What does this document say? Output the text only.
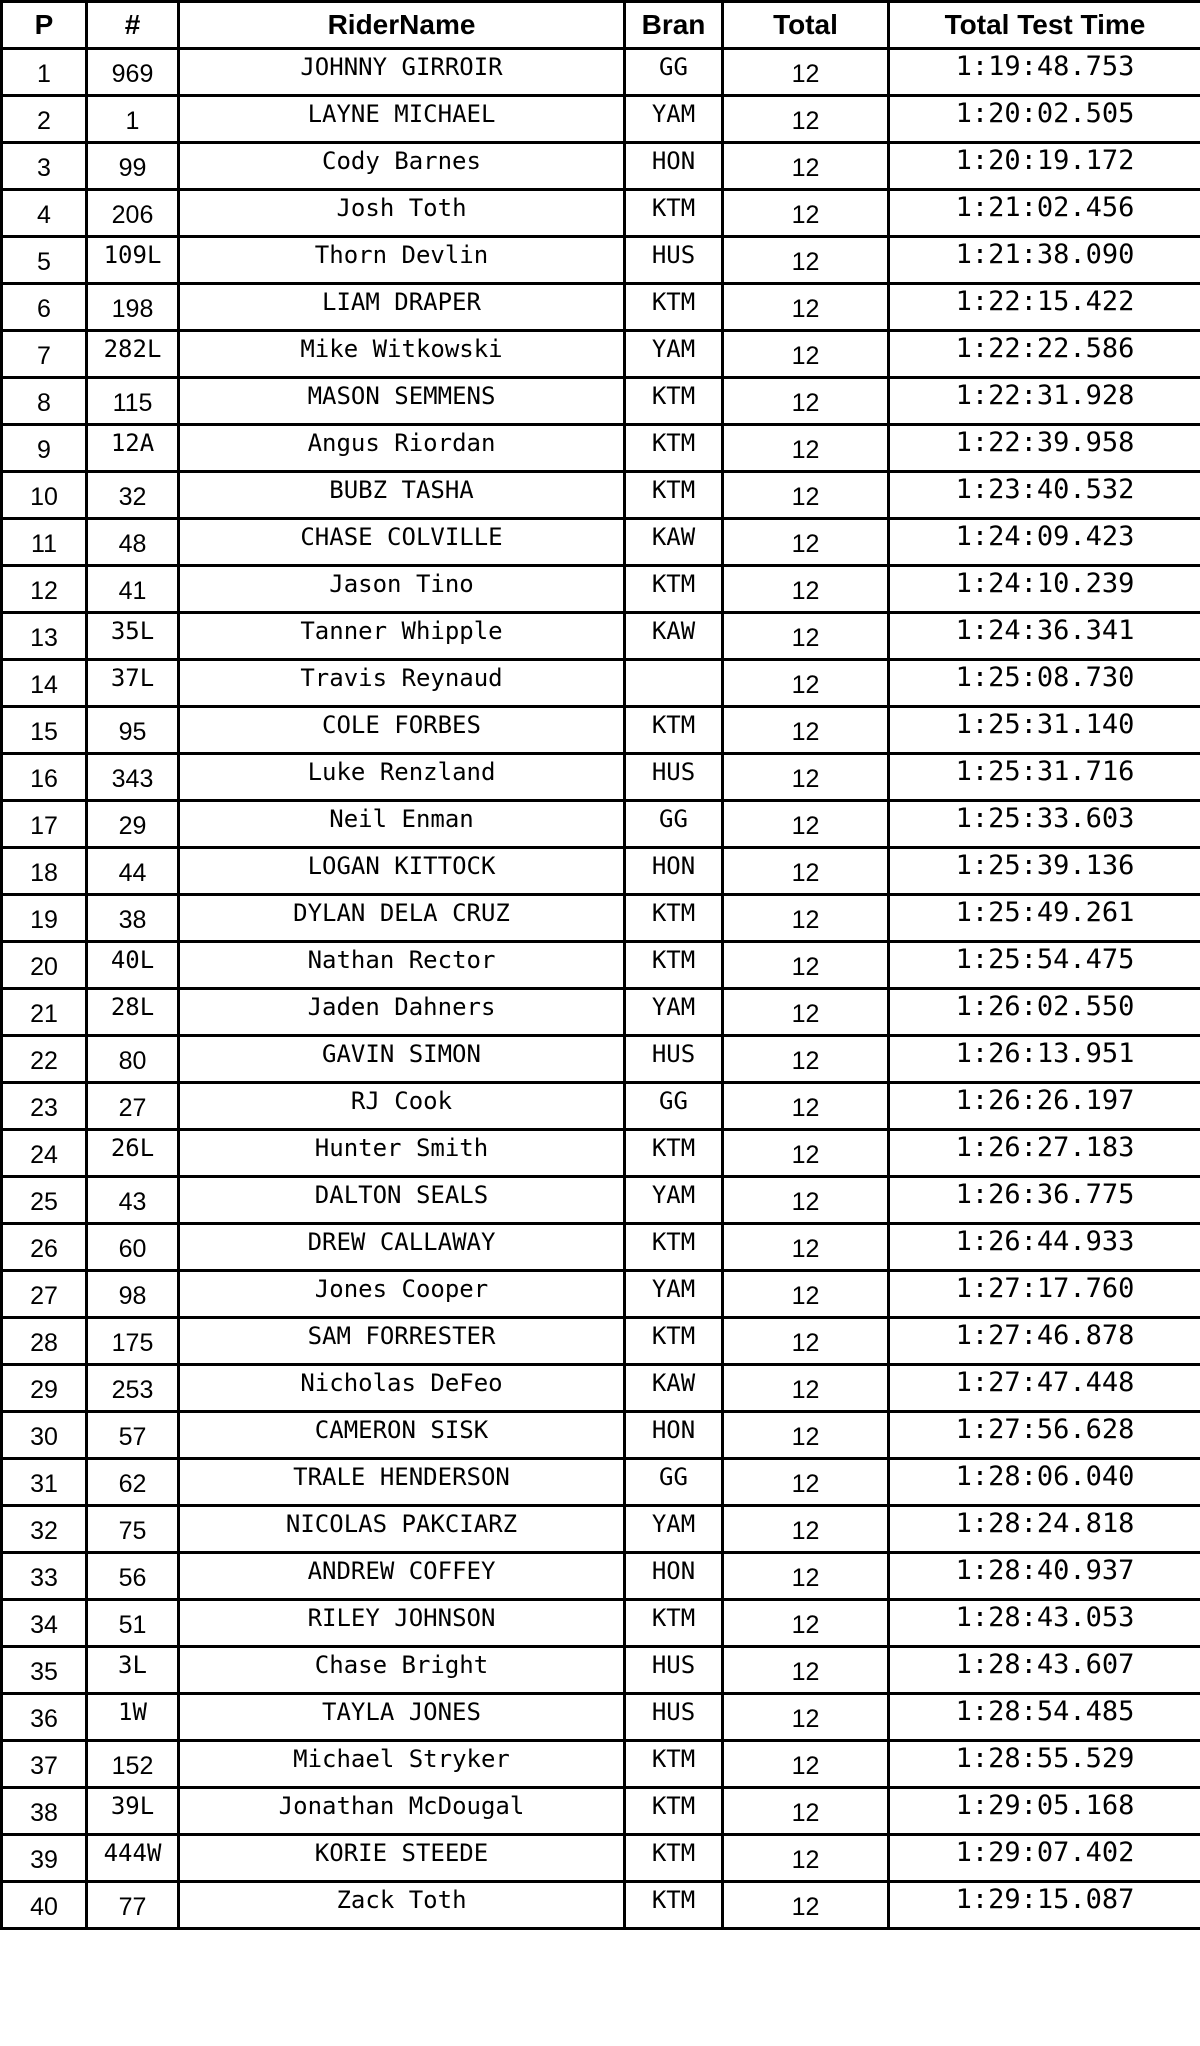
P	#	RiderName	Bran	Total	Total Test Time
1	969	JOHNNY GIRROIR	GG	12	1:19:48.753
2	1	LAYNE MICHAEL	YAM	12	1:20:02.505
3	99	Cody Barnes	HON	12	1:20:19.172
4	206	Josh Toth	KTM	12	1:21:02.456
5	109L	Thorn Devlin	HUS	12	1:21:38.090
6	198	LIAM DRAPER	KTM	12	1:22:15.422
7	282L	Mike Witkowski	YAM	12	1:22:22.586
8	115	MASON SEMMENS	KTM	12	1:22:31.928
9	12A	Angus Riordan	KTM	12	1:22:39.958
10	32	BUBZ TASHA	KTM	12	1:23:40.532
11	48	CHASE COLVILLE	KAW	12	1:24:09.423
12	41	Jason Tino	KTM	12	1:24:10.239
13	35L	Tanner Whipple	KAW	12	1:24:36.341
14	37L	Travis Reynaud		12	1:25:08.730
15	95	COLE FORBES	KTM	12	1:25:31.140
16	343	Luke Renzland	HUS	12	1:25:31.716
17	29	Neil Enman	GG	12	1:25:33.603
18	44	LOGAN KITTOCK	HON	12	1:25:39.136
19	38	DYLAN DELA CRUZ	KTM	12	1:25:49.261
20	40L	Nathan Rector	KTM	12	1:25:54.475
21	28L	Jaden Dahners	YAM	12	1:26:02.550
22	80	GAVIN SIMON	HUS	12	1:26:13.951
23	27	RJ Cook	GG	12	1:26:26.197
24	26L	Hunter Smith	KTM	12	1:26:27.183
25	43	DALTON SEALS	YAM	12	1:26:36.775
26	60	DREW CALLAWAY	KTM	12	1:26:44.933
27	98	Jones Cooper	YAM	12	1:27:17.760
28	175	SAM FORRESTER	KTM	12	1:27:46.878
29	253	Nicholas DeFeo	KAW	12	1:27:47.448
30	57	CAMERON SISK	HON	12	1:27:56.628
31	62	TRALE HENDERSON	GG	12	1:28:06.040
32	75	NICOLAS PAKCIARZ	YAM	12	1:28:24.818
33	56	ANDREW COFFEY	HON	12	1:28:40.937
34	51	RILEY JOHNSON	KTM	12	1:28:43.053
35	3L	Chase Bright	HUS	12	1:28:43.607
36	1W	TAYLA JONES	HUS	12	1:28:54.485
37	152	Michael Stryker	KTM	12	1:28:55.529
38	39L	Jonathan McDougal	KTM	12	1:29:05.168
39	444W	KORIE STEEDE	KTM	12	1:29:07.402
40	77	Zack Toth	KTM	12	1:29:15.087
